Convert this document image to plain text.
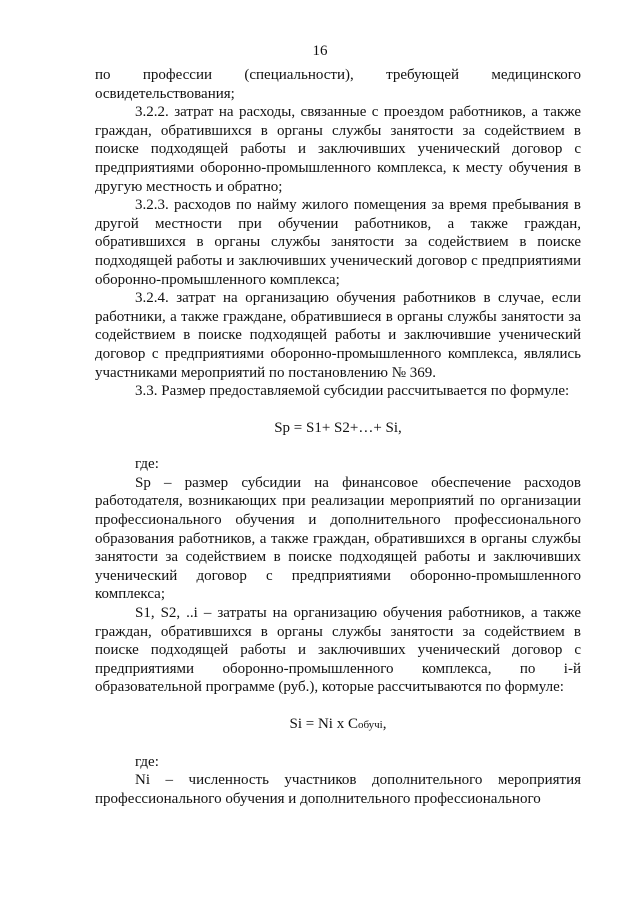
16

по профессии (специальности), требующей медицинского освидетельствования;

3.2.2. затрат на расходы, связанные с проездом работников, а также граждан, обратившихся в органы службы занятости за содействием в поиске подходящей работы и заключивших ученический договор с предприятиями оборонно-промышленного комплекса, к месту обучения в другую местность и обратно;

3.2.3. расходов по найму жилого помещения за время пребывания в другой местности при обучении работников, а также граждан, обратившихся в органы службы занятости за содействием в поиске подходящей работы и заключивших ученический договор с предприятиями оборонно-промышленного комплекса;

3.2.4. затрат на организацию обучения работников в случае, если работники, а также граждане, обратившиеся в органы службы занятости за содействием в поиске подходящей работы и заключившие ученический договор с предприятиями оборонно-промышленного комплекса, являлись участниками мероприятий по постановлению № 369.

3.3. Размер предоставляемой субсидии рассчитывается по формуле:

Sp = S1+ S2+…+ Si,

где:

Sp – размер субсидии на финансовое обеспечение расходов работодателя, возникающих при реализации мероприятий по организации профессионального обучения и дополнительного профессионального образования работников, а также граждан, обратившихся в органы службы занятости за содействием в поиске подходящей работы и заключивших ученический договор с предприятиями оборонно-промышленного комплекса;

S1, S2, ..i – затраты на организацию обучения работников, а также граждан, обратившихся в органы службы занятости за содействием в поиске подходящей работы и заключивших ученический договор с предприятиями оборонно-промышленного комплекса, по i-й образовательной программе (руб.), которые рассчитываются по формуле:

Si = Ni x Cобучi,

где:

Ni – численность участников дополнительного мероприятия профессионального обучения и дополнительного профессионального
